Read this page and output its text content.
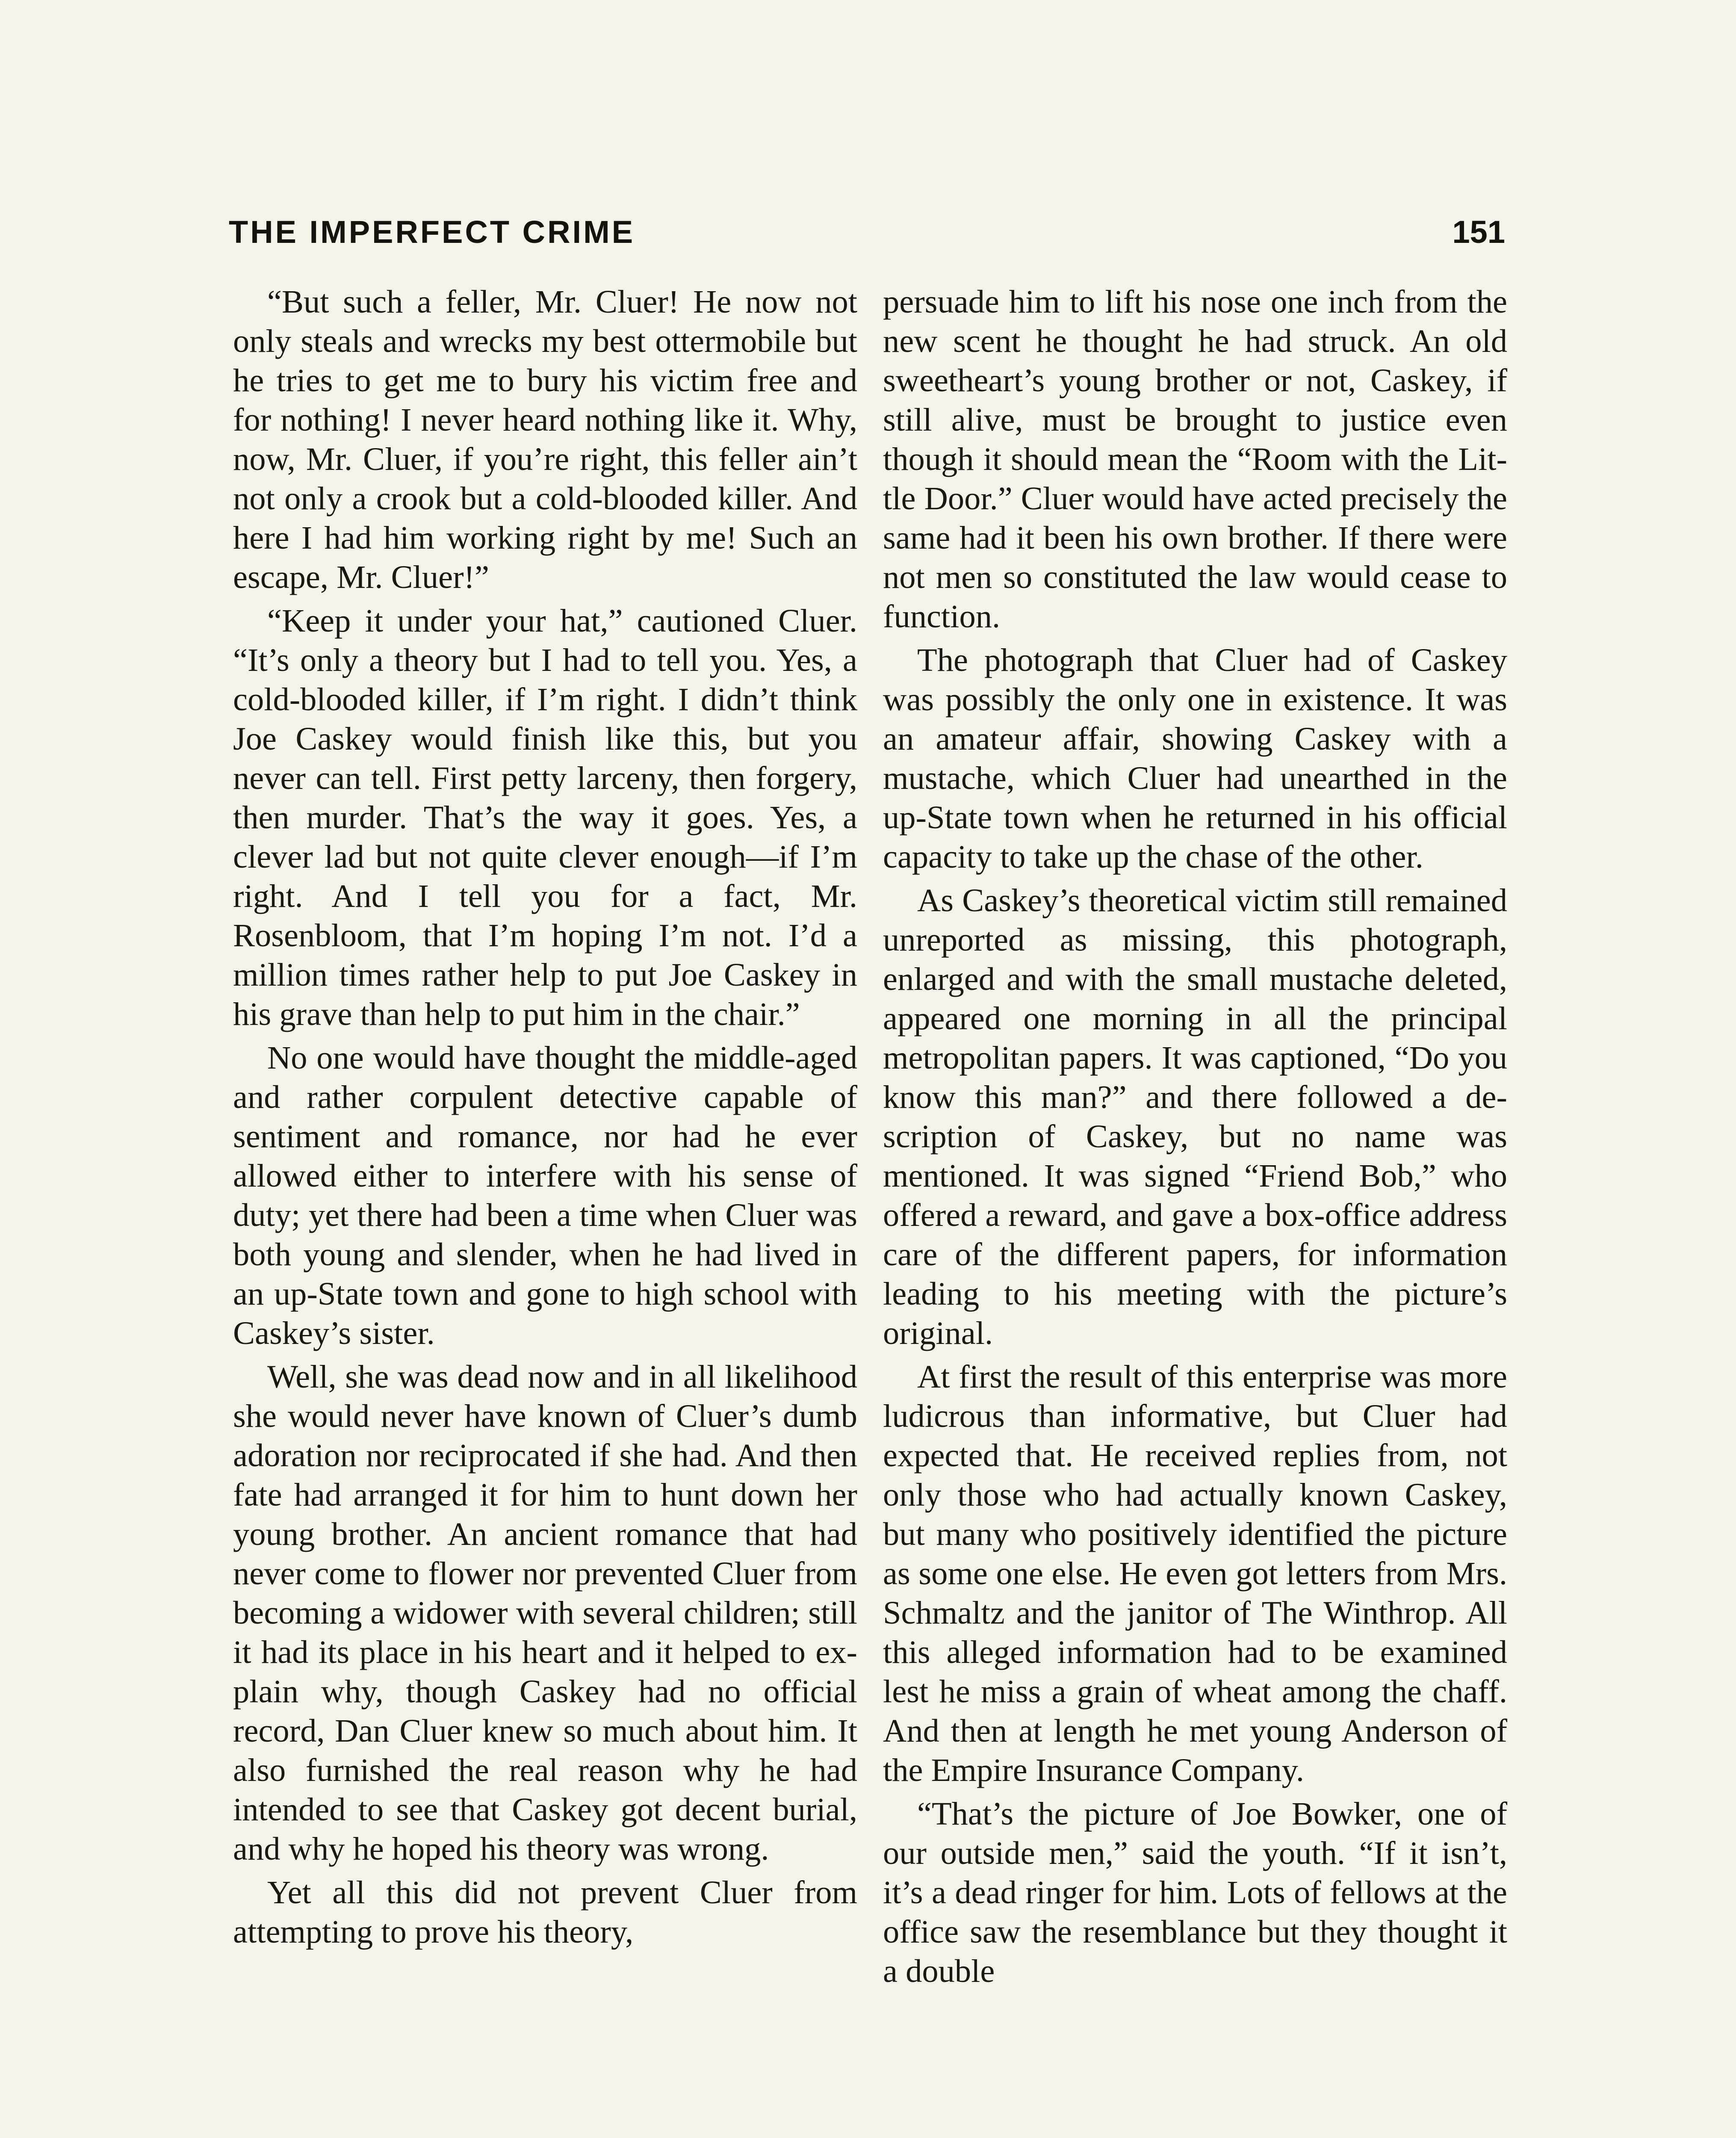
THE IMPERFECT CRIME	151

“But such a feller, Mr. Cluer! He now not only steals and wrecks my best ottermobile but he tries to get me to bury his victim free and for nothing! I never heard nothing like it. Why, now, Mr. Cluer, if you’re right, this feller ain’t not only a crook but a cold-blooded killer. And here I had him working right by me! Such an escape, Mr. Cluer!”

“Keep it under your hat,” cautioned Cluer. “It’s only a theory but I had to tell you. Yes, a cold-blooded killer, if I’m right. I didn’t think Joe Caskey would finish like this, but you never can tell. First petty larceny, then forgery, then murder. That’s the way it goes. Yes, a clever lad but not quite clever enough—if I’m right. And I tell you for a fact, Mr. Rosenbloom, that I’m hoping I’m not. I’d a million times rather help to put Joe Caskey in his grave than help to put him in the chair.”

No one would have thought the middle-aged and rather corpulent detective capable of sentiment and romance, nor had he ever allowed either to interfere with his sense of duty; yet there had been a time when Cluer was both young and slender, when he had lived in an up-State town and gone to high school with Caskey’s sister.

Well, she was dead now and in all likelihood she would never have known of Cluer’s dumb adoration nor reciprocated if she had. And then fate had arranged it for him to hunt down her young brother. An ancient romance that had never come to flower nor prevented Cluer from becoming a widower with several children; still it had its place in his heart and it helped to explain why, though Caskey had no official record, Dan Cluer knew so much about him. It also furnished the real reason why he had intended to see that Caskey got decent burial, and why he hoped his theory was wrong.

Yet all this did not prevent Cluer from attempting to prove his theory,

persuade him to lift his nose one inch from the new scent he thought he had struck. An old sweetheart’s young brother or not, Caskey, if still alive, must be brought to justice even though it should mean the “Room with the Little Door.” Cluer would have acted precisely the same had it been his own brother. If there were not men so constituted the law would cease to function.

The photograph that Cluer had of Caskey was possibly the only one in existence. It was an amateur affair, showing Caskey with a mustache, which Cluer had unearthed in the up-State town when he returned in his official capacity to take up the chase of the other.

As Caskey’s theoretical victim still remained unreported as missing, this photograph, enlarged and with the small mustache deleted, appeared one morning in all the principal metropolitan papers. It was captioned, “Do you know this man?” and there followed a description of Caskey, but no name was mentioned. It was signed “Friend Bob,” who offered a reward, and gave a box-office address care of the different papers, for information leading to his meeting with the picture’s original.

At first the result of this enterprise was more ludicrous than informative, but Cluer had expected that. He received replies from, not only those who had actually known Caskey, but many who positively identified the picture as some one else. He even got letters from Mrs. Schmaltz and the janitor of The Winthrop. All this alleged information had to be examined lest he miss a grain of wheat among the chaff. And then at length he met young Anderson of the Empire Insurance Company.

“That’s the picture of Joe Bowker, one of our outside men,” said the youth. “If it isn’t, it’s a dead ringer for him. Lots of fellows at the office saw the resemblance but they thought it a double
